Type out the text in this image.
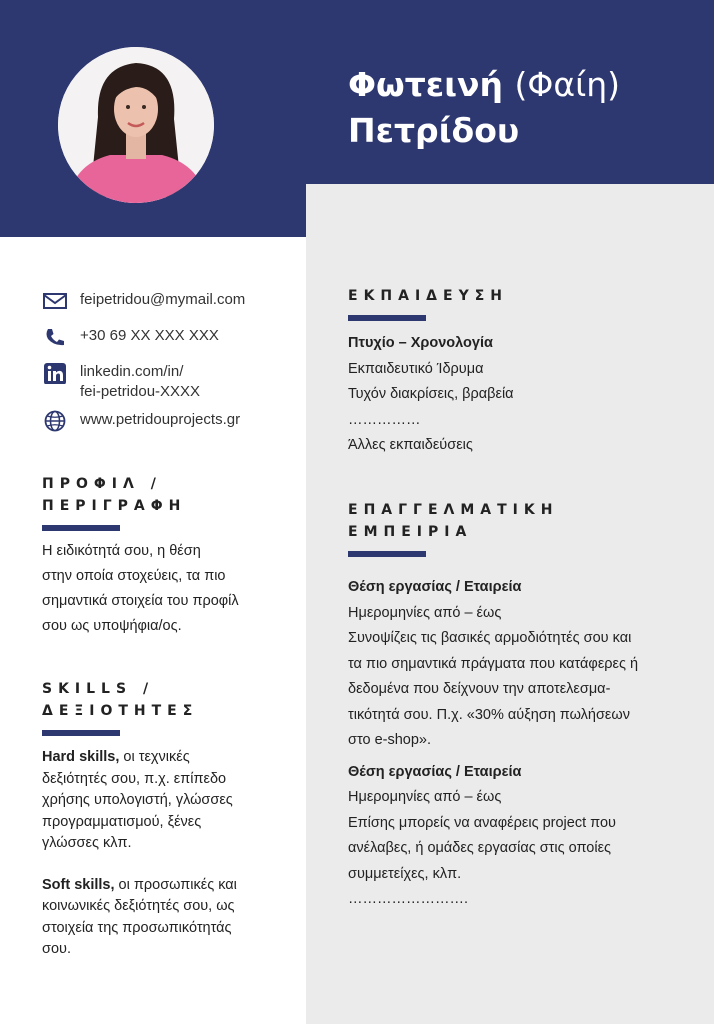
Φωτεινή (Φαίη)
Πετρίδου
feipetridou@mymail.com
+30 69 XX XXX XXX
linkedin.com/in/
fei-petridou-XXXX
www.petridouprojects.gr
ΠΡΟΦΙΛ /
ΠΕΡΙΓΡΑΦΗ
Η ειδικότητά σου, η θέση
στην οποία στοχεύεις, τα πιο
σημαντικά στοιχεία του προφίλ
σου ως υποψήφια/ος.
SKILLS /
ΔΕΞΙΟΤΗΤΕΣ
Hard skills, οι τεχνικές
δεξιότητές σου, π.χ. επίπεδο
χρήσης υπολογιστή, γλώσσες
προγραμματισμού, ξένες
γλώσσες κλπ.
Soft skills, οι προσωπικές και
κοινωνικές δεξιότητές σου, ως
στοιχεία της προσωπικότητάς
σου.
ΕΚΠΑΙΔΕΥΣΗ
Πτυχίο – Χρονολογία
Εκπαιδευτικό Ίδρυμα
Τυχόν διακρίσεις, βραβεία
……………
Άλλες εκπαιδεύσεις
ΕΠΑΓΓΕΛΜΑΤΙΚΗ
ΕΜΠΕΙΡΙΑ
Θέση εργασίας / Εταιρεία
Ημερομηνίες από – έως
Συνοψίζεις τις βασικές αρμοδιότητές σου και
τα πιο σημαντικά πράγματα που κατάφερες ή
δεδομένα που δείχνουν την αποτελεσμα-
τικότητά σου. Π.χ. «30% αύξηση πωλήσεων
στο e-shop».
Θέση εργασίας / Εταιρεία
Ημερομηνίες από – έως
Επίσης μπορείς να αναφέρεις project που
ανέλαβες, ή ομάδες εργασίας στις οποίες
συμμετείχες, κλπ.
…………………….
